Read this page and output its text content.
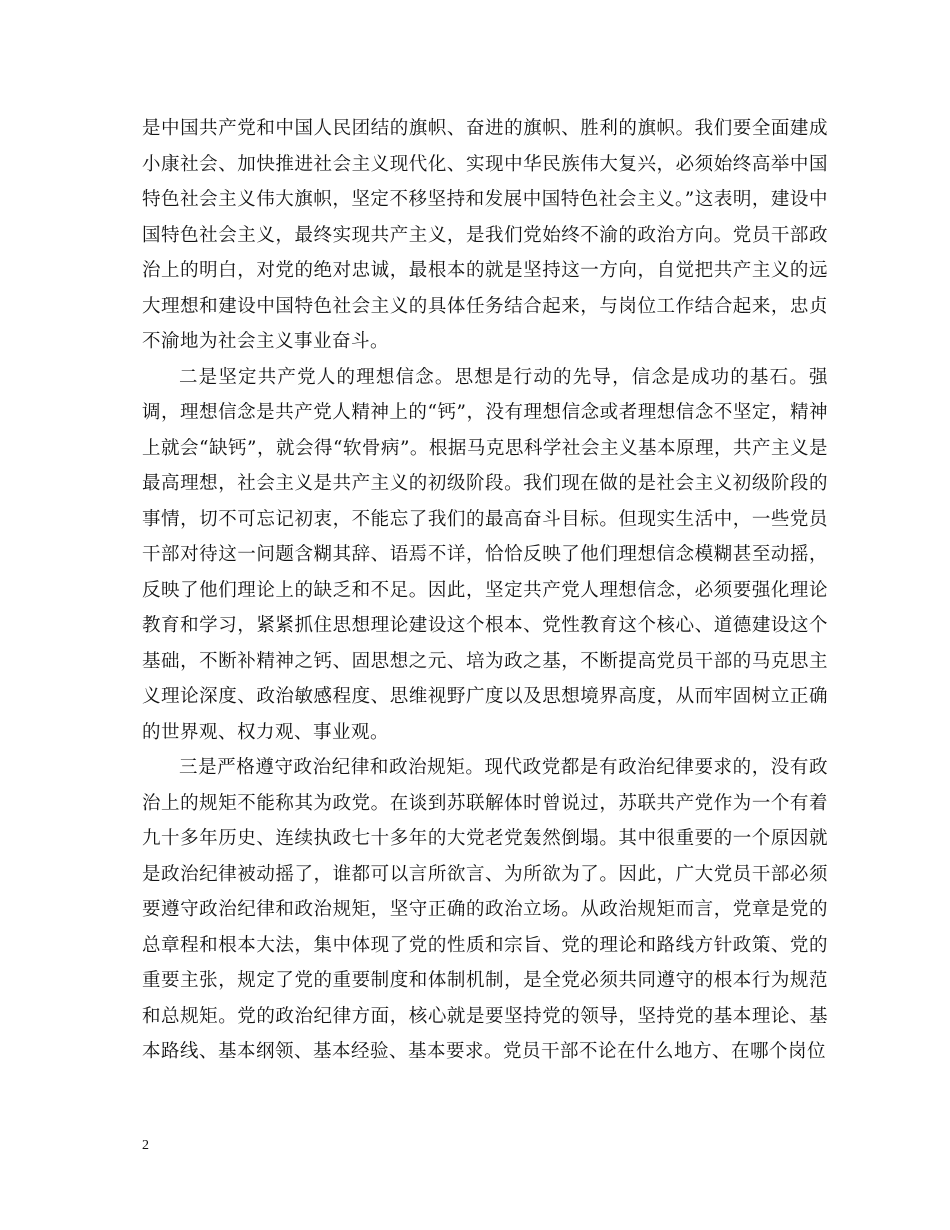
是中国共产党和中国人民团结的旗帜、奋进的旗帜、胜利的旗帜。我们要全面建成小康社会、加快推进社会主义现代化、实现中华民族伟大复兴，必须始终高举中国特色社会主义伟大旗帜，坚定不移坚持和发展中国特色社会主义。”这表明，建设中国特色社会主义，最终实现共产主义，是我们党始终不渝的政治方向。党员干部政治上的明白，对党的绝对忠诚，最根本的就是坚持这一方向，自觉把共产主义的远大理想和建设中国特色社会主义的具体任务结合起来，与岗位工作结合起来，忠贞不渝地为社会主义事业奋斗。

二是坚定共产党人的理想信念。思想是行动的先导，信念是成功的基石。强调，理想信念是共产党人精神上的“钙”，没有理想信念或者理想信念不坚定，精神上就会“缺钙”，就会得“软骨病”。根据马克思科学社会主义基本原理，共产主义是最高理想，社会主义是共产主义的初级阶段。我们现在做的是社会主义初级阶段的事情，切不可忘记初衷，不能忘了我们的最高奋斗目标。但现实生活中，一些党员干部对待这一问题含糊其辞、语焉不详，恰恰反映了他们理想信念模糊甚至动摇，反映了他们理论上的缺乏和不足。因此，坚定共产党人理想信念，必须要强化理论教育和学习，紧紧抓住思想理论建设这个根本、党性教育这个核心、道德建设这个基础，不断补精神之钙、固思想之元、培为政之基，不断提高党员干部的马克思主义理论深度、政治敏感程度、思维视野广度以及思想境界高度，从而牢固树立正确的世界观、权力观、事业观。

三是严格遵守政治纪律和政治规矩。现代政党都是有政治纪律要求的，没有政治上的规矩不能称其为政党。在谈到苏联解体时曾说过，苏联共产党作为一个有着九十多年历史、连续执政七十多年的大党老党轰然倒塌。其中很重要的一个原因就是政治纪律被动摇了，谁都可以言所欲言、为所欲为了。因此，广大党员干部必须要遵守政治纪律和政治规矩，坚守正确的政治立场。从政治规矩而言，党章是党的总章程和根本大法，集中体现了党的性质和宗旨、党的理论和路线方针政策、党的重要主张，规定了党的重要制度和体制机制，是全党必须共同遵守的根本行为规范和总规矩。党的政治纪律方面，核心就是要坚持党的领导，坚持党的基本理论、基本路线、基本纲领、基本经验、基本要求。党员干部不论在什么地方、在哪个岗位

2
